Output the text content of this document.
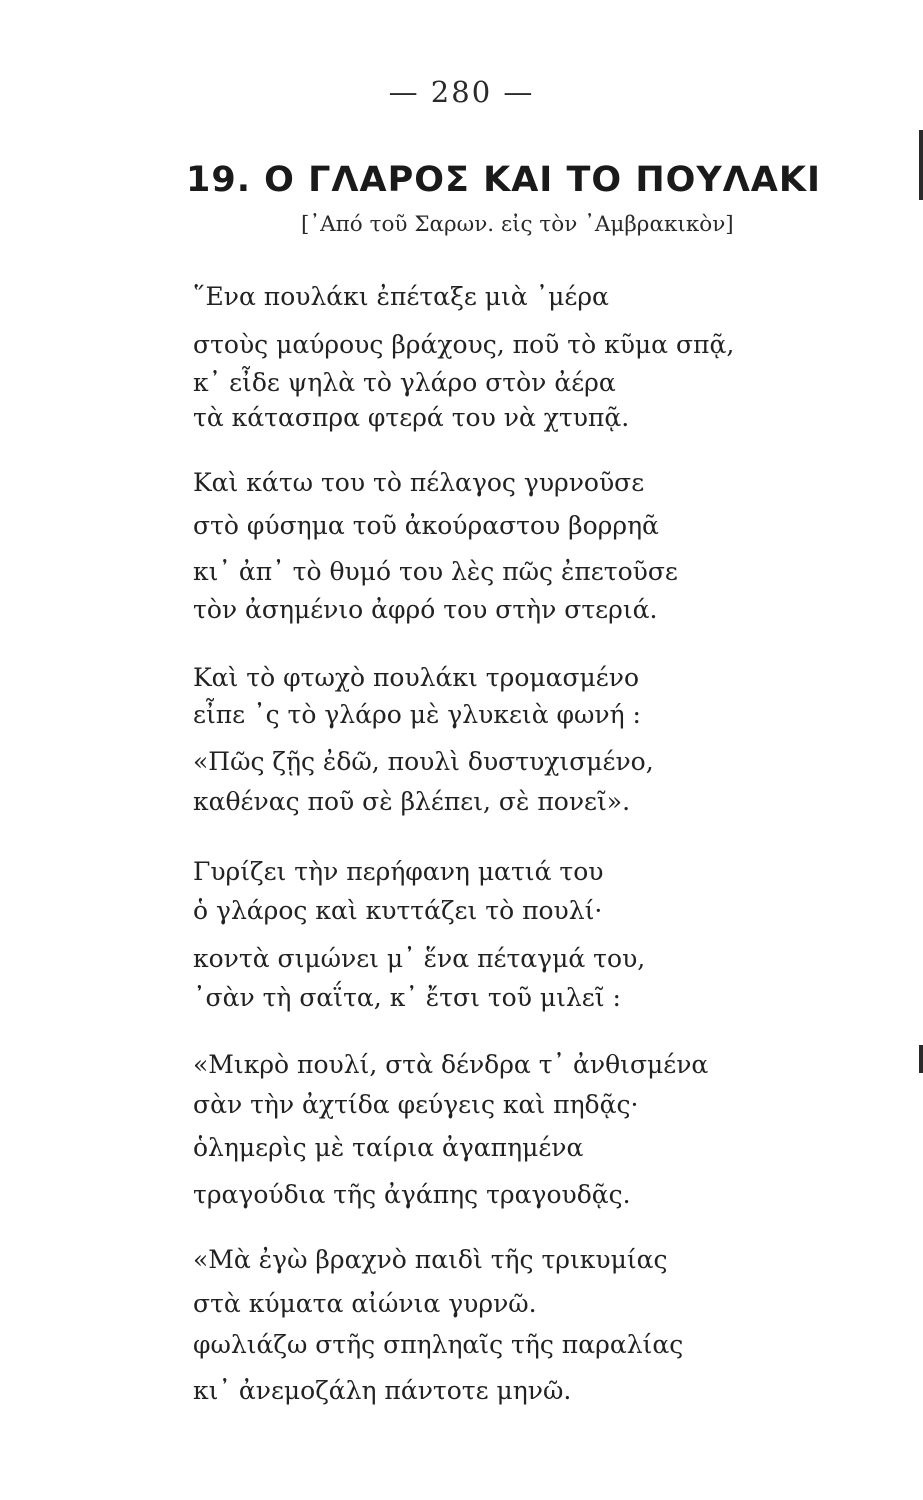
— 280 —
19. Ο ΓΛΑΡΟΣ ΚΑΙ ΤΟ ΠΟΥΛΑΚΙ
[᾽Από τοῦ Σαρων. εἰς τὸν ᾽Αμβρακικὸν]
῞Ενα πουλάκι ἐπέταξε μιὰ ᾽μέρα
στοὺς μαύρους βράχους, ποῦ τὸ κῦμα σπᾷ,
κ᾽ εἶδε ψηλὰ τὸ γλάρο στὸν ἀέρα
τὰ κάτασπρα φτερά του νὰ χτυπᾷ.
Καὶ κάτω του τὸ πέλαγος γυρνοῦσε
στὸ φύσημα τοῦ ἀκούραστου βορρηᾶ
κι᾽ ἀπ᾽ τὸ θυμό του λὲς πῶς ἐπετοῦσε
τὸν ἀσημένιο ἀφρό του στὴν στεριά.
Καὶ τὸ φτωχὸ πουλάκι τρομασμένο
εἶπε ᾽ς τὸ γλάρο μὲ γλυκειὰ φωνή :
«Πῶς ζῇς ἐδῶ, πουλὶ δυστυχισμένο,
καθένας ποῦ σὲ βλέπει, σὲ πονεῖ».
Γυρίζει τὴν περήφανη ματιά του
ὁ γλάρος καὶ κυττάζει τὸ πουλί·
κοντὰ σιμώνει μ᾽ ἕνα πέταγμά του,
᾽σὰν τὴ σαΐτα, κ᾽ ἔτσι τοῦ μιλεῖ :
«Μικρὸ πουλί, στὰ δένδρα τ᾽ ἀνθισμένα
σὰν τὴν ἀχτίδα φεύγεις καὶ πηδᾷς·
ὁλημερὶς μὲ ταίρια ἀγαπημένα
τραγούδια τῆς ἀγάπης τραγουδᾷς.
«Μὰ ἐγὼ βραχνὸ παιδὶ τῆς τρικυμίας
στὰ κύματα αἰώνια γυρνῶ.
φωλιάζω στῆς σπηληαῖς τῆς παραλίας
κι᾽ ἀνεμοζάλη πάντοτε μηνῶ.
